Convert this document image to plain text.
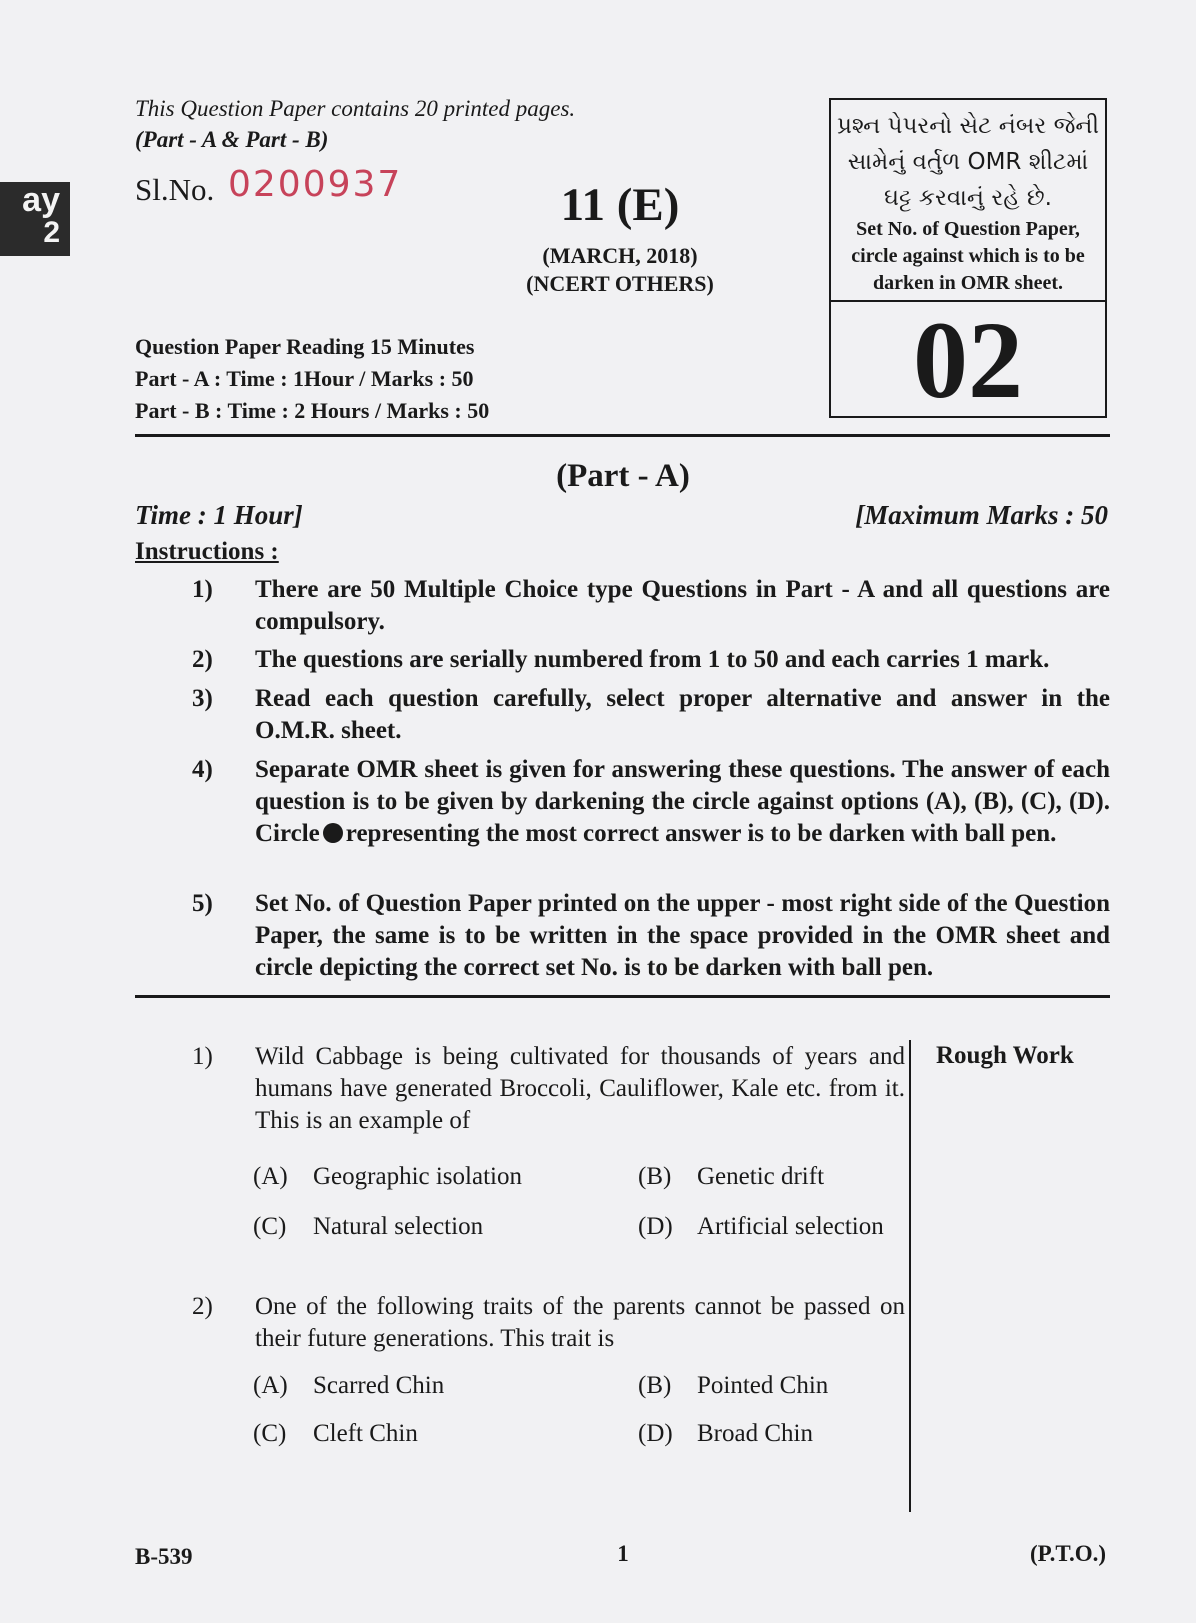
ay
2
This Question Paper contains 20 printed pages.
(Part - A & Part - B)
Sl.No. 0200937	11 (E)
(MARCH, 2018)
(NCERT OTHERS)
Question Paper Reading 15 Minutes
Part - A : Time : 1Hour / Marks : 50
Part - B : Time : 2 Hours / Marks : 50
પ્રશ્ન પેપરનો સેટ નંબર જેની
સામેનું વર્તુળ OMR શીટમાં
ઘટ્ટ કરવાનું રહે છે.
Set No. of Question Paper,
circle against which is to be
darken in OMR sheet.
02
(Part - A)
Time : 1 Hour]	[Maximum Marks : 50
Instructions :
1) There are 50 Multiple Choice type Questions in Part - A and all questions are compulsory.
2) The questions are serially numbered from 1 to 50 and each carries 1 mark.
3) Read each question carefully, select proper alternative and answer in the O.M.R. sheet.
4) Separate OMR sheet is given for answering these questions. The answer of each question is to be given by darkening the circle against options (A), (B), (C), (D). Circle representing the most correct answer is to be darken with ball pen.
5) Set No. of Question Paper printed on the upper - most right side of the Question Paper, the same is to be written in the space provided in the OMR sheet and circle depicting the correct set No. is to be darken with ball pen.
Rough Work
1) Wild Cabbage is being cultivated for thousands of years and humans have generated Broccoli, Cauliflower, Kale etc. from it. This is an example of
(A) Geographic isolation	(B) Genetic drift
(C) Natural selection	(D) Artificial selection
2) One of the following traits of the parents cannot be passed on their future generations. This trait is
(A) Scarred Chin	(B) Pointed Chin
(C) Cleft Chin	(D) Broad Chin
B-539	1	(P.T.O.)
